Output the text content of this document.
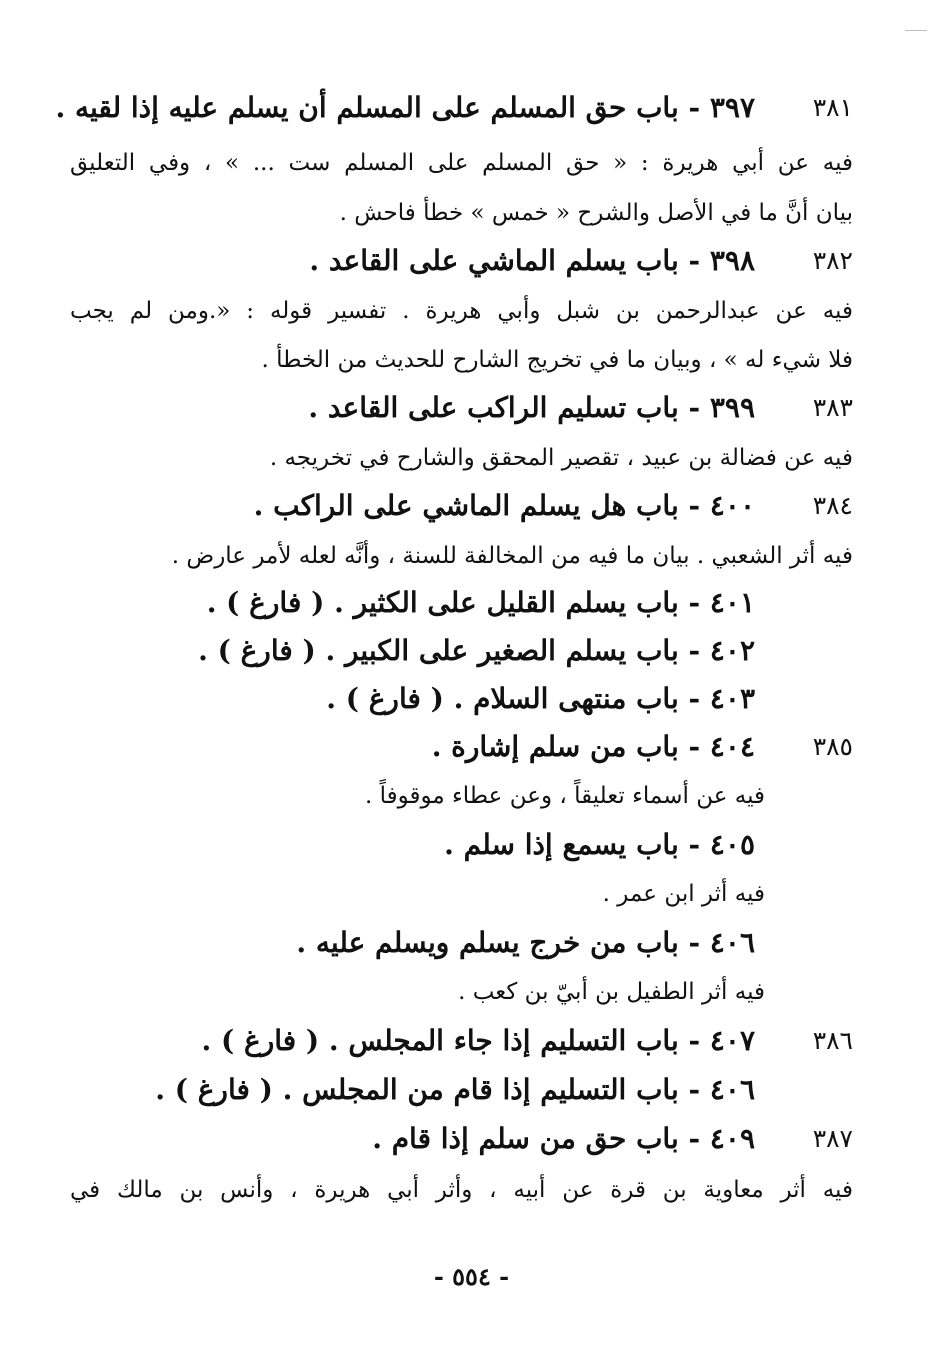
٣٨١
٣٩٧ - باب حق المسلم على المسلم أن يسلم عليه إذا لقيه .
فيه عن أبي هريرة : « حق المسلم على المسلم ست ... » ، وفي التعليق
بيان أنَّ ما في الأصل والشرح « خمس » خطأ فاحش .
٣٨٢
٣٩٨ - باب يسلم الماشي على القاعد .
فيه عن عبدالرحمن بن شبل وأبي هريرة . تفسير قوله : «.ومن لم يجب
فلا شيء له » ، وبيان ما في تخريج الشارح للحديث من الخطأ .
٣٨٣
٣٩٩ - باب تسليم الراكب على القاعد .
فيه عن فضالة بن عبيد ، تقصير المحقق والشارح في تخريجه .
٣٨٤
٤٠٠ - باب هل يسلم الماشي على الراكب .
فيه أثر الشعبي . بيان ما فيه من المخالفة للسنة ، وأنَّه لعله لأمر عارض .
٤٠١ - باب يسلم القليل على الكثير . ( فارغ ) .
٤٠٢ - باب يسلم الصغير على الكبير . ( فارغ ) .
٤٠٣ - باب منتهى السلام . ( فارغ ) .
٣٨٥
٤٠٤ - باب من سلم إشارة .
فيه عن أسماء تعليقاً ، وعن عطاء موقوفاً .
٤٠٥ - باب يسمع إذا سلم .
فيه أثر ابن عمر .
٤٠٦ - باب من خرج يسلم ويسلم عليه .
فيه أثر الطفيل بن أبيّ بن كعب .
٣٨٦
٤٠٧ - باب التسليم إذا جاء المجلس . ( فارغ ) .
٤٠٦ - باب التسليم إذا قام من المجلس . ( فارغ ) .
٣٨٧
٤٠٩ - باب حق من سلم إذا قام .
فيه أثر معاوية بن قرة عن أبيه ، وأثر أبي هريرة ، وأنس بن مالك في
- ٥٥٤ -
